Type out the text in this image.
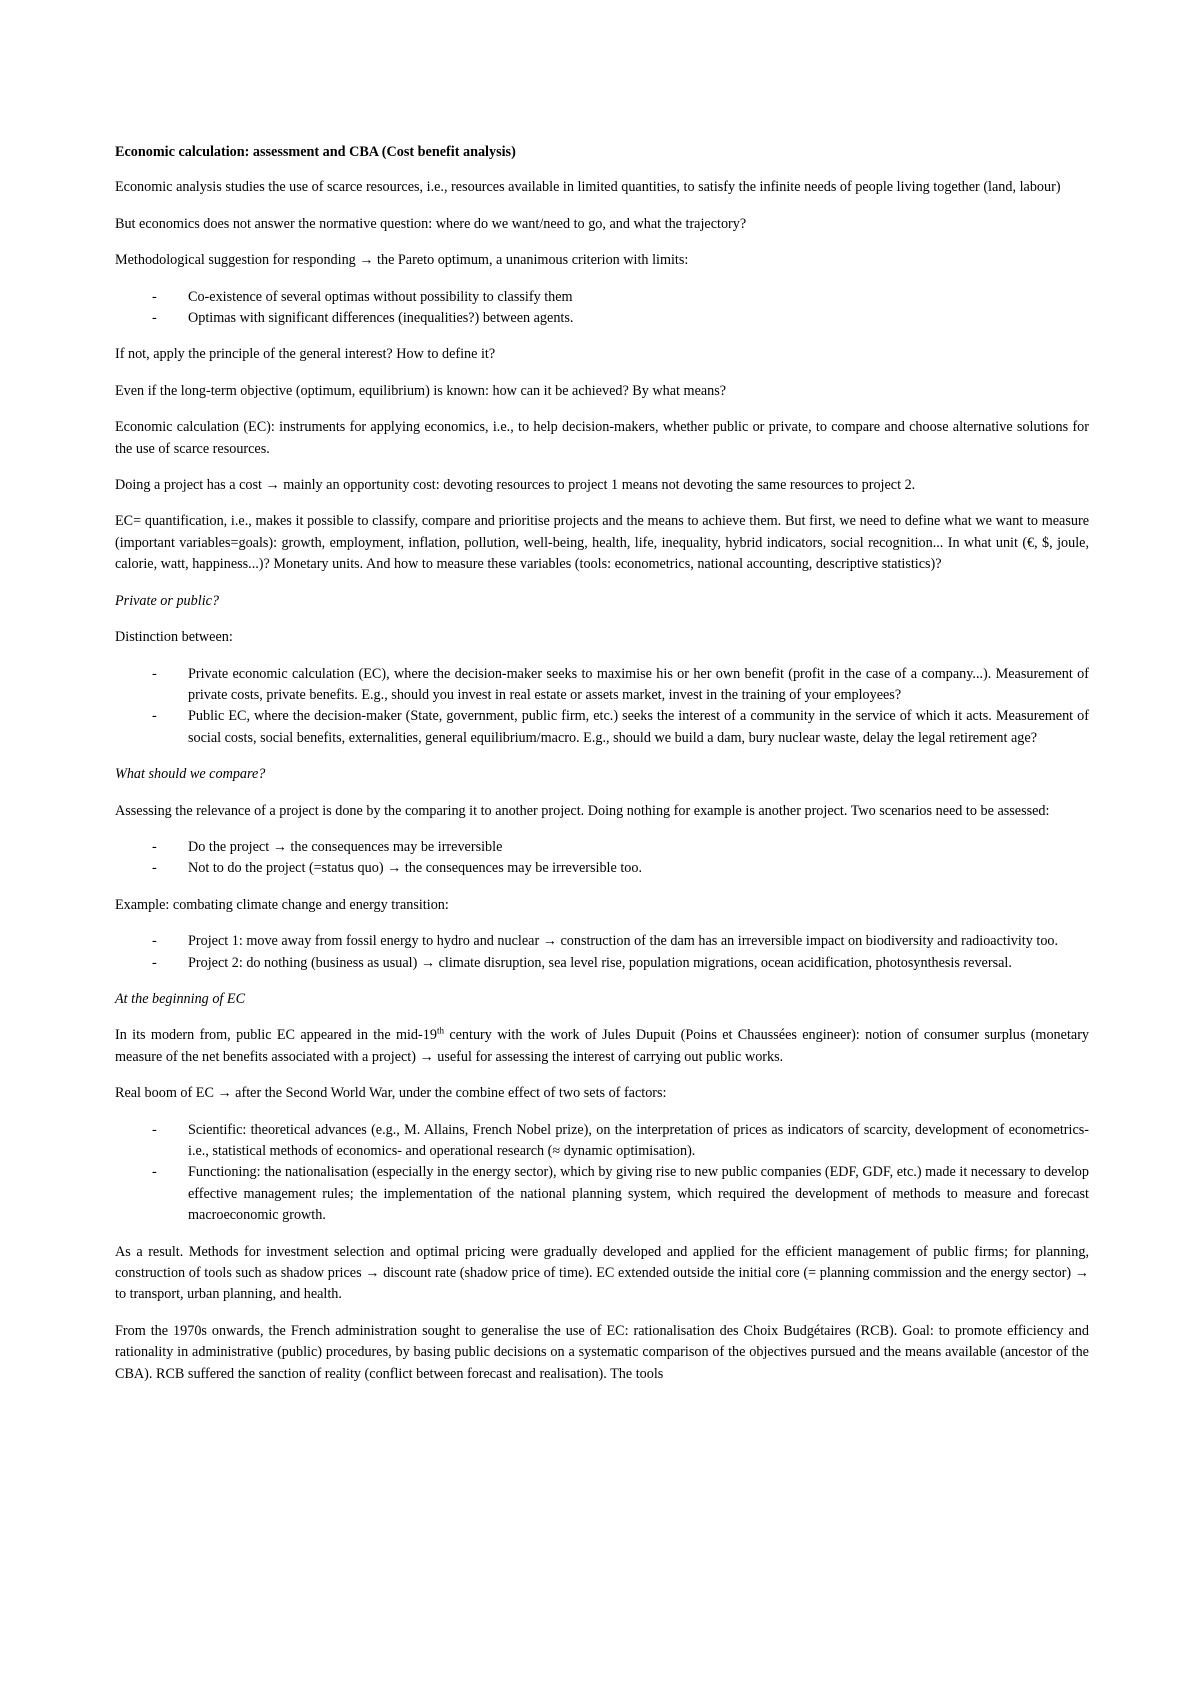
Economic calculation: assessment and CBA (Cost benefit analysis)

Economic analysis studies the use of scarce resources, i.e., resources available in limited quantities, to satisfy the infinite needs of people living together (land, labour)

But economics does not answer the normative question: where do we want/need to go, and what the trajectory?

Methodological suggestion for responding → the Pareto optimum, a unanimous criterion with limits:

- Co-existence of several optimas without possibility to classify them
- Optimas with significant differences (inequalities?) between agents.

If not, apply the principle of the general interest? How to define it?

Even if the long-term objective (optimum, equilibrium) is known: how can it be achieved? By what means?

Economic calculation (EC): instruments for applying economics, i.e., to help decision-makers, whether public or private, to compare and choose alternative solutions for the use of scarce resources.

Doing a project has a cost → mainly an opportunity cost: devoting resources to project 1 means not devoting the same resources to project 2.

EC= quantification, i.e., makes it possible to classify, compare and prioritise projects and the means to achieve them. But first, we need to define what we want to measure (important variables=goals): growth, employment, inflation, pollution, well-being, health, life, inequality, hybrid indicators, social recognition... In what unit (€, $, joule, calorie, watt, happiness...)? Monetary units. And how to measure these variables (tools: econometrics, national accounting, descriptive statistics)?

Private or public?

Distinction between:

- Private economic calculation (EC), where the decision-maker seeks to maximise his or her own benefit (profit in the case of a company...). Measurement of private costs, private benefits. E.g., should you invest in real estate or assets market, invest in the training of your employees?
- Public EC, where the decision-maker (State, government, public firm, etc.) seeks the interest of a community in the service of which it acts. Measurement of social costs, social benefits, externalities, general equilibrium/macro. E.g., should we build a dam, bury nuclear waste, delay the legal retirement age?
What should we compare?

Assessing the relevance of a project is done by the comparing it to another project. Doing nothing for example is another project. Two scenarios need to be assessed:

- Do the project → the consequences may be irreversible
- Not to do the project (=status quo) → the consequences may be irreversible too.

Example: combating climate change and energy transition:

- Project 1: move away from fossil energy to hydro and nuclear → construction of the dam has an irreversible impact on biodiversity and radioactivity too.
- Project 2: do nothing (business as usual) → climate disruption, sea level rise, population migrations, ocean acidification, photosynthesis reversal.
At the beginning of EC

In its modern from, public EC appeared in the mid-19th century with the work of Jules Dupuit (Poins et Chaussées engineer): notion of consumer surplus (monetary measure of the net benefits associated with a project) → useful for assessing the interest of carrying out public works.

Real boom of EC → after the Second World War, under the combine effect of two sets of factors:

- Scientific: theoretical advances (e.g., M. Allains, French Nobel prize), on the interpretation of prices as indicators of scarcity, development of econometrics- i.e., statistical methods of economics- and operational research (≈ dynamic optimisation).
- Functioning: the nationalisation (especially in the energy sector), which by giving rise to new public companies (EDF, GDF, etc.) made it necessary to develop effective management rules; the implementation of the national planning system, which required the development of methods to measure and forecast macroeconomic growth.

As a result. Methods for investment selection and optimal pricing were gradually developed and applied for the efficient management of public firms; for planning, construction of tools such as shadow prices → discount rate (shadow price of time). EC extended outside the initial core (= planning commission and the energy sector) → to transport, urban planning, and health.

From the 1970s onwards, the French administration sought to generalise the use of EC: rationalisation des Choix Budgétaires (RCB). Goal: to promote efficiency and rationality in administrative (public) procedures, by basing public decisions on a systematic comparison of the objectives pursued and the means available (ancestor of the CBA). RCB suffered the sanction of reality (conflict between forecast and realisation). The tools
